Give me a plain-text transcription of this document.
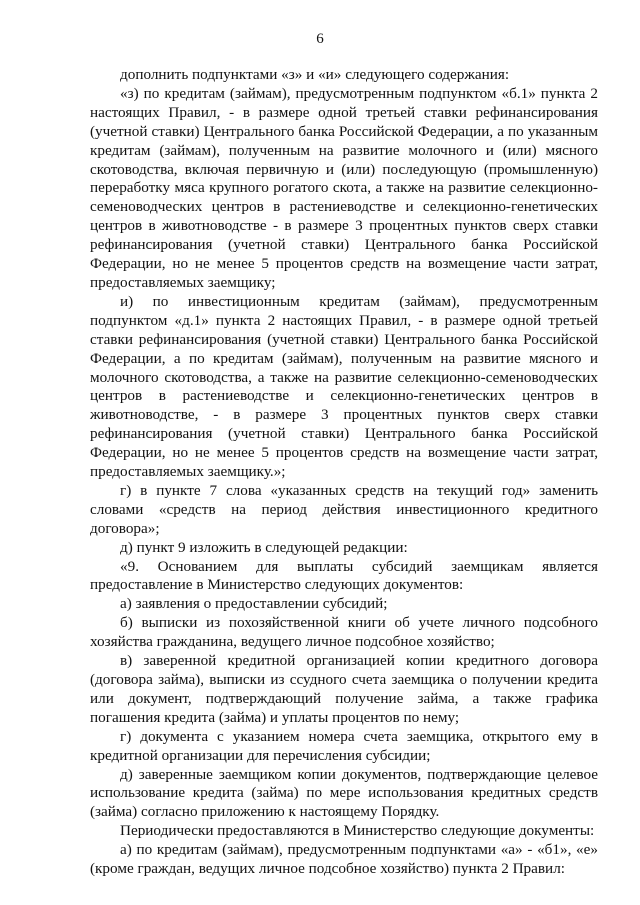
6

дополнить подпунктами «з» и «и» следующего содержания:

«з) по кредитам (займам), предусмотренным подпунктом «б.1» пункта 2 настоящих Правил, - в размере одной третьей ставки рефинансирования (учетной ставки) Центрального банка Российской Федерации, а по указанным кредитам (займам), полученным на развитие молочного и (или) мясного скотоводства, включая первичную и (или) последующую (промышленную) переработку мяса крупного рогатого скота, а также на развитие селекционно-семеноводческих центров в растениеводстве и селекционно-генетических центров в животноводстве - в размере 3 процентных пунктов сверх ставки рефинансирования (учетной ставки) Центрального банка Российской Федерации, но не менее 5 процентов средств на возмещение части затрат, предоставляемых заемщику;

и) по инвестиционным кредитам (займам), предусмотренным подпунктом «д.1» пункта 2 настоящих Правил, - в размере одной третьей ставки рефинансирования (учетной ставки) Центрального банка Российской Федерации, а по кредитам (займам), полученным на развитие мясного и молочного скотоводства, а также на развитие селекционно-семеноводческих центров в растениеводстве и селекционно-генетических центров в животноводстве, - в размере 3 процентных пунктов сверх ставки рефинансирования (учетной ставки) Центрального банка Российской Федерации, но не менее 5 процентов средств на возмещение части затрат, предоставляемых заемщику.»;

г) в пункте 7 слова «указанных средств на текущий год» заменить словами «средств на период действия инвестиционного кредитного договора»;

д) пункт 9 изложить в следующей редакции:

«9. Основанием для выплаты субсидий заемщикам является предоставление в Министерство следующих документов:

а) заявления о предоставлении субсидий;

б) выписки из похозяйственной книги об учете личного подсобного хозяйства гражданина, ведущего личное подсобное хозяйство;

в) заверенной кредитной организацией копии кредитного договора (договора займа), выписки из ссудного счета заемщика о получении кредита или документ, подтверждающий получение займа, а также графика погашения кредита (займа) и уплаты процентов по нему;

г) документа с указанием номера счета заемщика, открытого ему в кредитной организации для перечисления субсидии;

д) заверенные заемщиком копии документов, подтверждающие целевое использование кредита (займа) по мере использования кредитных средств (займа) согласно приложению к настоящему Порядку.

Периодически предоставляются в Министерство следующие документы:

а) по кредитам (займам), предусмотренным подпунктами «а» - «б1», «е» (кроме граждан, ведущих личное подсобное хозяйство) пункта 2 Правил:
